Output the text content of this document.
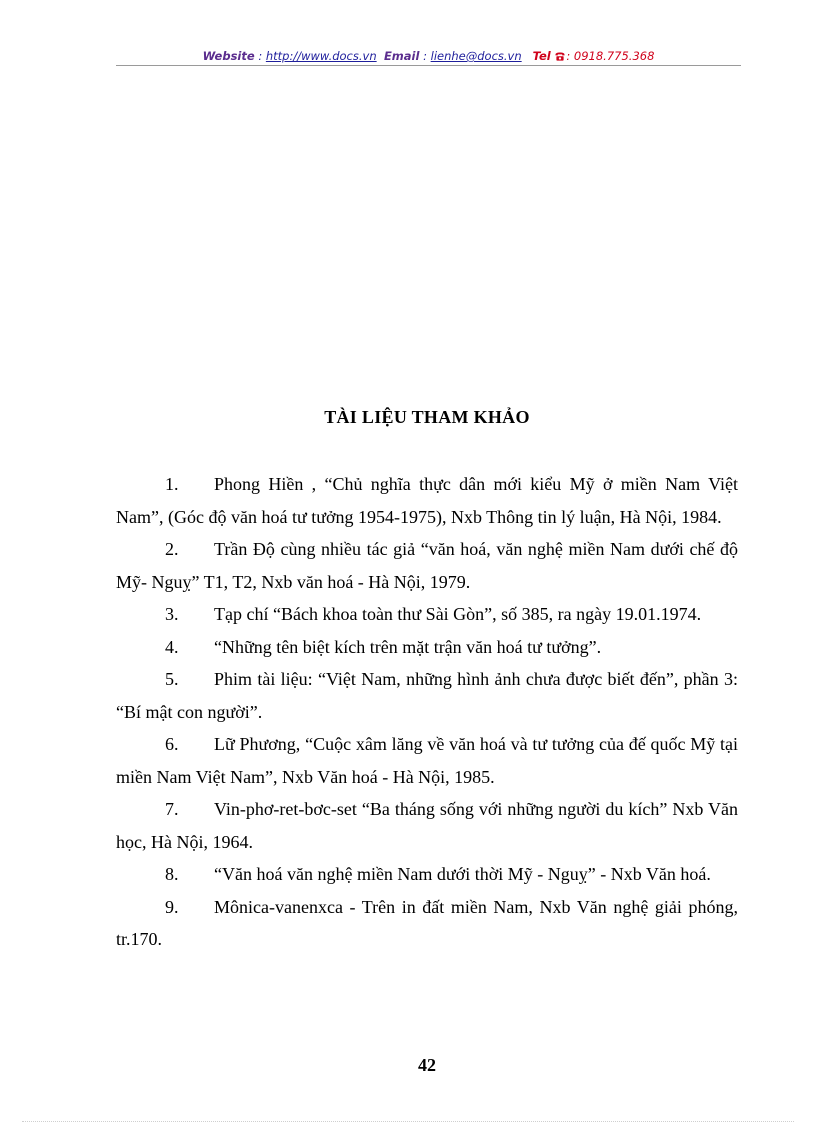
Website : http://www.docs.vn Email : lienhe@docs.vn Tel : 0918.775.368
TÀI LIỆU THAM KHẢO
1. Phong Hiền , “Chủ nghĩa thực dân mới kiểu Mỹ ở miền Nam Việt Nam”, (Góc độ văn hoá tư tưởng 1954-1975), Nxb Thông tin lý luận, Hà Nội, 1984.
2. Trần Độ cùng nhiều tác giả “văn hoá, văn nghệ miền Nam dưới chế độ Mỹ- Nguỵ” T1, T2, Nxb văn hoá - Hà Nội, 1979.
3. Tạp chí “Bách khoa toàn thư Sài Gòn”, số 385, ra ngày 19.01.1974.
4. “Những tên biệt kích trên mặt trận văn hoá tư tưởng”.
5. Phim tài liệu: “Việt Nam, những hình ảnh chưa được biết đến”, phần 3: “Bí mật con người”.
6. Lữ Phương, “Cuộc xâm lăng về văn hoá và tư tưởng của đế quốc Mỹ tại miền Nam Việt Nam”, Nxb Văn hoá - Hà Nội, 1985.
7. Vin-phơ-ret-bơc-set “Ba tháng sống với những người du kích” Nxb Văn học, Hà Nội, 1964.
8. “Văn hoá văn nghệ miền Nam dưới thời Mỹ - Nguỵ” - Nxb Văn hoá.
9. Mônica-vanenxca - Trên in đất miền Nam, Nxb Văn nghệ giải phóng, tr.170.
42
